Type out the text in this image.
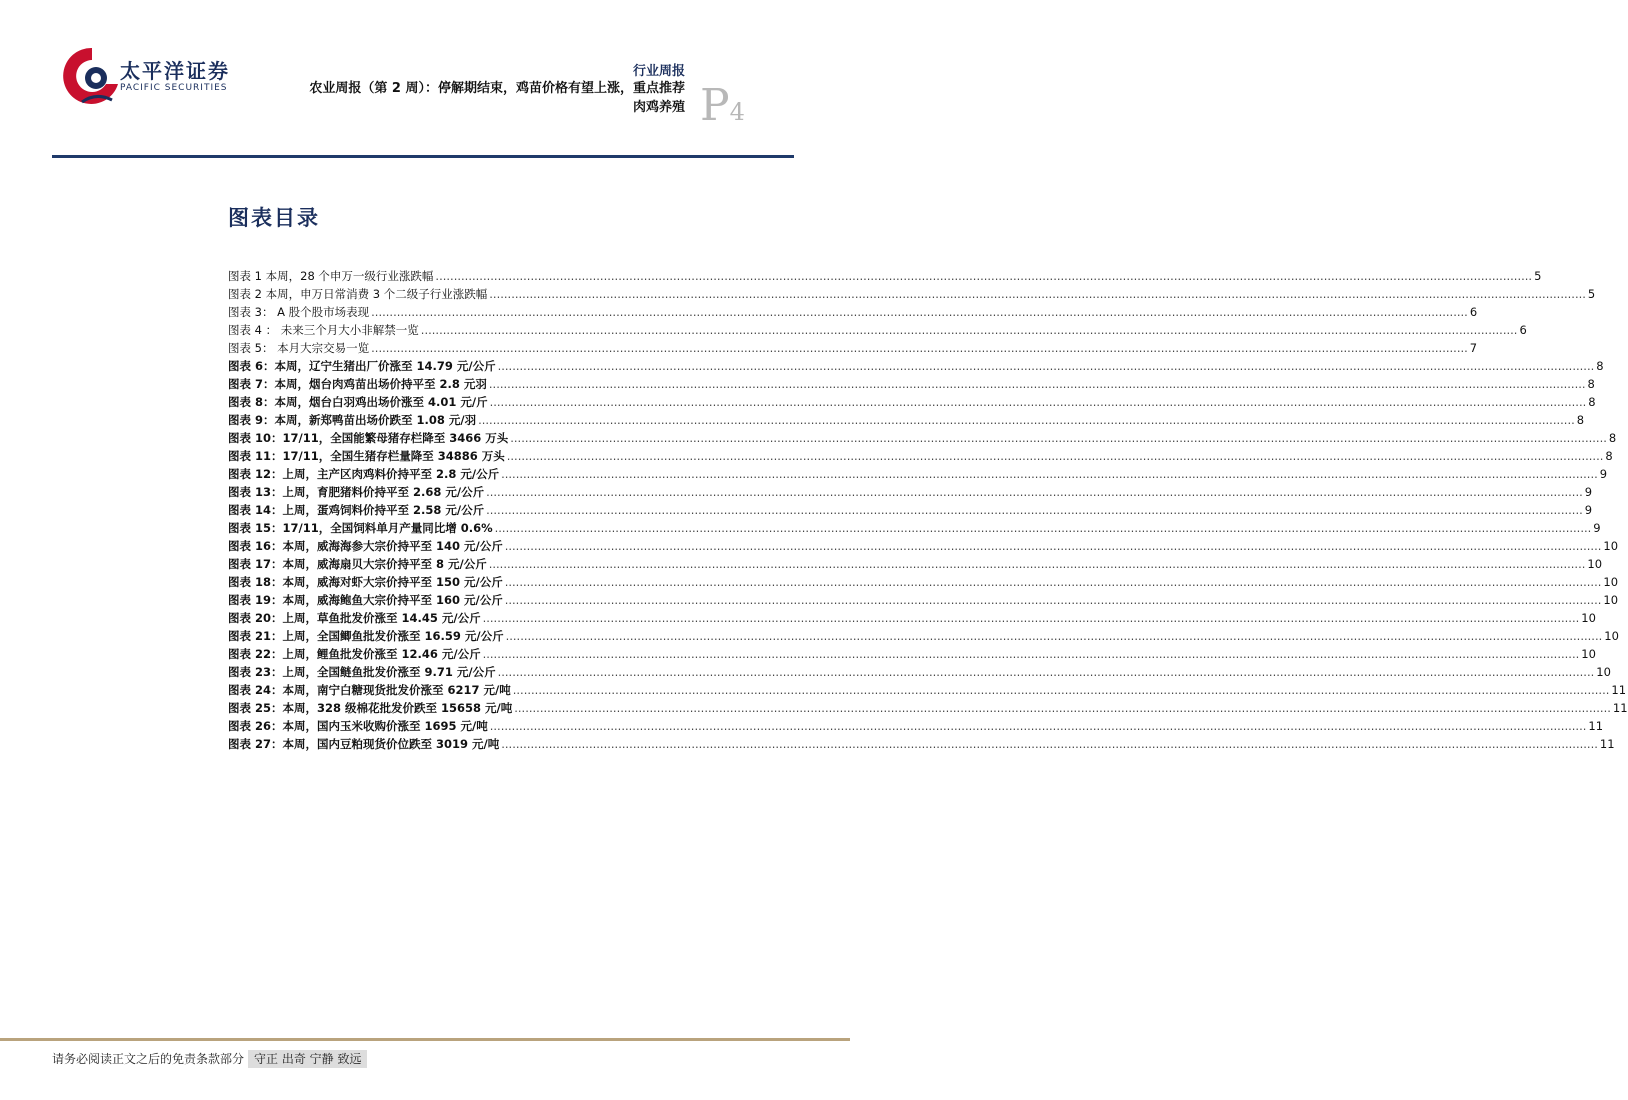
太平洋证券
PACIFIC SECURITIES
行业周报
农业周报（第 2 周）：停解期结束，鸡苗价格有望上涨，重点推荐
肉鸡养殖 P4
图表目录
图表 1 本周，28 个申万一级行业涨跌幅 ............................................................................................................................................................................................................................................................................................................ 5
图表 2 本周，申万日常消费 3 个二级子行业涨跌幅 ............................................................................................................................................................................................................................................................................................................ 5
图表 3： A 股个股市场表现 ............................................................................................................................................................................................................................................................................................................ 6
图表 4 ： 未来三个月大小非解禁一览 ............................................................................................................................................................................................................................................................................................................ 6
图表 5： 本月大宗交易一览 ............................................................................................................................................................................................................................................................................................................ 7
图表 6：本周，辽宁生猪出厂价涨至 14.79 元/公斤 ............................................................................................................................................................................................................................................................................................................ 8
图表 7：本周，烟台肉鸡苗出场价持平至 2.8 元羽 ............................................................................................................................................................................................................................................................................................................ 8
图表 8：本周，烟台白羽鸡出场价涨至 4.01 元/斤 ............................................................................................................................................................................................................................................................................................................ 8
图表 9：本周，新郑鸭苗出场价跌至 1.08 元/羽 ............................................................................................................................................................................................................................................................................................................ 8
图表 10：17/11，全国能繁母猪存栏降至 3466 万头 ............................................................................................................................................................................................................................................................................................................ 8
图表 11：17/11，全国生猪存栏量降至 34886 万头 ............................................................................................................................................................................................................................................................................................................ 8
图表 12：上周，主产区肉鸡料价持平至 2.8 元/公斤 ............................................................................................................................................................................................................................................................................................................ 9
图表 13：上周，育肥猪料价持平至 2.68 元/公斤 ............................................................................................................................................................................................................................................................................................................ 9
图表 14：上周，蛋鸡饲料价持平至 2.58 元/公斤 ............................................................................................................................................................................................................................................................................................................ 9
图表 15：17/11，全国饲料单月产量同比增 0.6% ............................................................................................................................................................................................................................................................................................................ 9
图表 16：本周，威海海参大宗价持平至 140 元/公斤 ............................................................................................................................................................................................................................................................................................................ 10
图表 17：本周，威海扇贝大宗价持平至 8 元/公斤 ............................................................................................................................................................................................................................................................................................................ 10
图表 18：本周，威海对虾大宗价持平至 150 元/公斤 ............................................................................................................................................................................................................................................................................................................ 10
图表 19：本周，威海鲍鱼大宗价持平至 160 元/公斤 ............................................................................................................................................................................................................................................................................................................ 10
图表 20：上周，草鱼批发价涨至 14.45 元/公斤 ............................................................................................................................................................................................................................................................................................................ 10
图表 21：上周，全国鲫鱼批发价涨至 16.59 元/公斤 ............................................................................................................................................................................................................................................................................................................ 10
图表 22：上周，鲤鱼批发价涨至 12.46 元/公斤 ............................................................................................................................................................................................................................................................................................................ 10
图表 23：上周，全国鲢鱼批发价涨至 9.71 元/公斤 ............................................................................................................................................................................................................................................................................................................ 10
图表 24：本周，南宁白糖现货批发价涨至 6217 元/吨 ............................................................................................................................................................................................................................................................................................................ 11
图表 25：本周，328 级棉花批发价跌至 15658 元/吨 ............................................................................................................................................................................................................................................................................................................ 11
图表 26：本周，国内玉米收购价涨至 1695 元/吨 ............................................................................................................................................................................................................................................................................................................ 11
图表 27：本周，国内豆粕现货价位跌至 3019 元/吨 ............................................................................................................................................................................................................................................................................................................ 11
请务必阅读正文之后的免责条款部分 守正 出奇 宁静 致远
